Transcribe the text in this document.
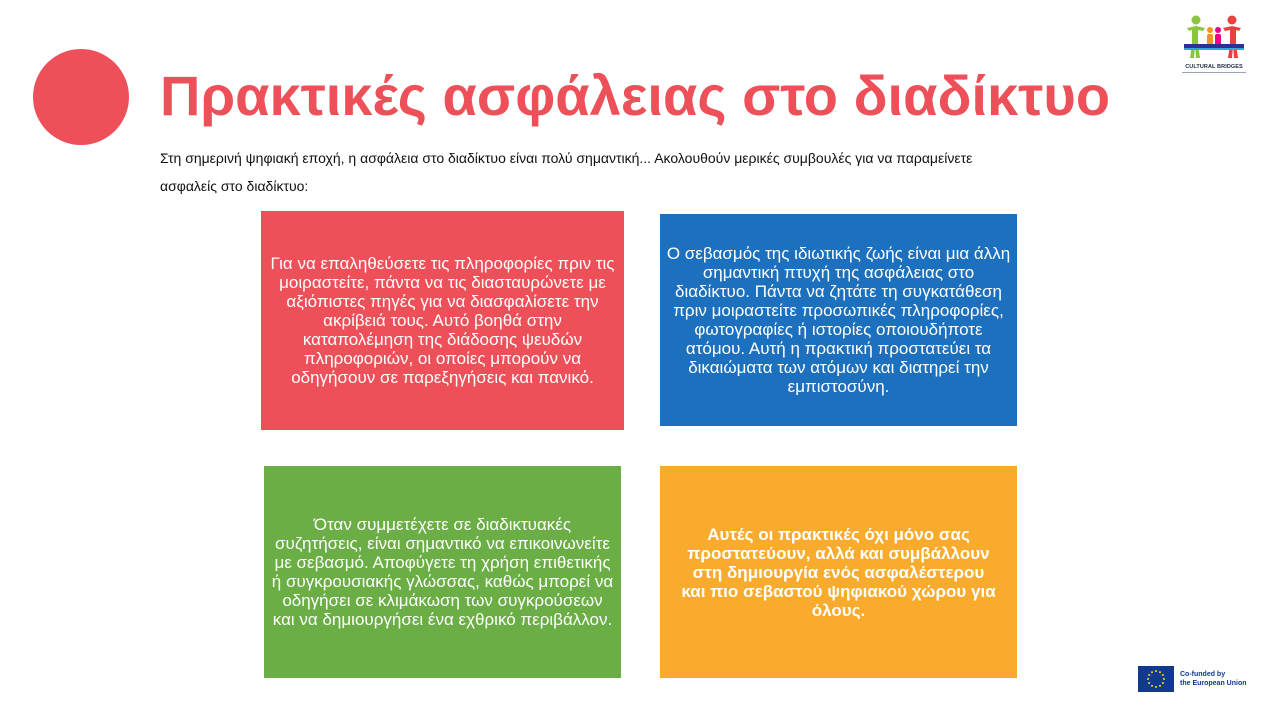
Πρακτικές ασφάλειας στο διαδίκτυο

Στη σημερινή ψηφιακή εποχή, η ασφάλεια στο διαδίκτυο είναι πολύ σημαντική... Ακολουθούν μερικές συμβουλές για να παραμείνετε ασφαλείς στο διαδίκτυο:

Για να επαληθεύσετε τις πληροφορίες πριν τις μοιραστείτε, πάντα να τις διασταυρώνετε με αξιόπιστες πηγές για να διασφαλίσετε την ακρίβειά τους. Αυτό βοηθά στην καταπολέμηση της διάδοσης ψευδών πληροφοριών, οι οποίες μπορούν να οδηγήσουν σε παρεξηγήσεις και πανικό.

Ο σεβασμός της ιδιωτικής ζωής είναι μια άλλη σημαντική πτυχή της ασφάλειας στο διαδίκτυο. Πάντα να ζητάτε τη συγκατάθεση πριν μοιραστείτε προσωπικές πληροφορίες, φωτογραφίες ή ιστορίες οποιουδήποτε ατόμου. Αυτή η πρακτική προστατεύει τα δικαιώματα των ατόμων και διατηρεί την εμπιστοσύνη.

Όταν συμμετέχετε σε διαδικτυακές συζητήσεις, είναι σημαντικό να επικοινωνείτε με σεβασμό. Αποφύγετε τη χρήση επιθετικής ή συγκρουσιακής γλώσσας, καθώς μπορεί να οδηγήσει σε κλιμάκωση των συγκρούσεων και να δημιουργήσει ένα εχθρικό περιβάλλον.

Αυτές οι πρακτικές όχι μόνο σας προστατεύουν, αλλά και συμβάλλουν στη δημιουργία ενός ασφαλέστερου και πιο σεβαστού ψηφιακού χώρου για όλους.

CULTURAL BRIDGES
Co-funded by
the European Union
